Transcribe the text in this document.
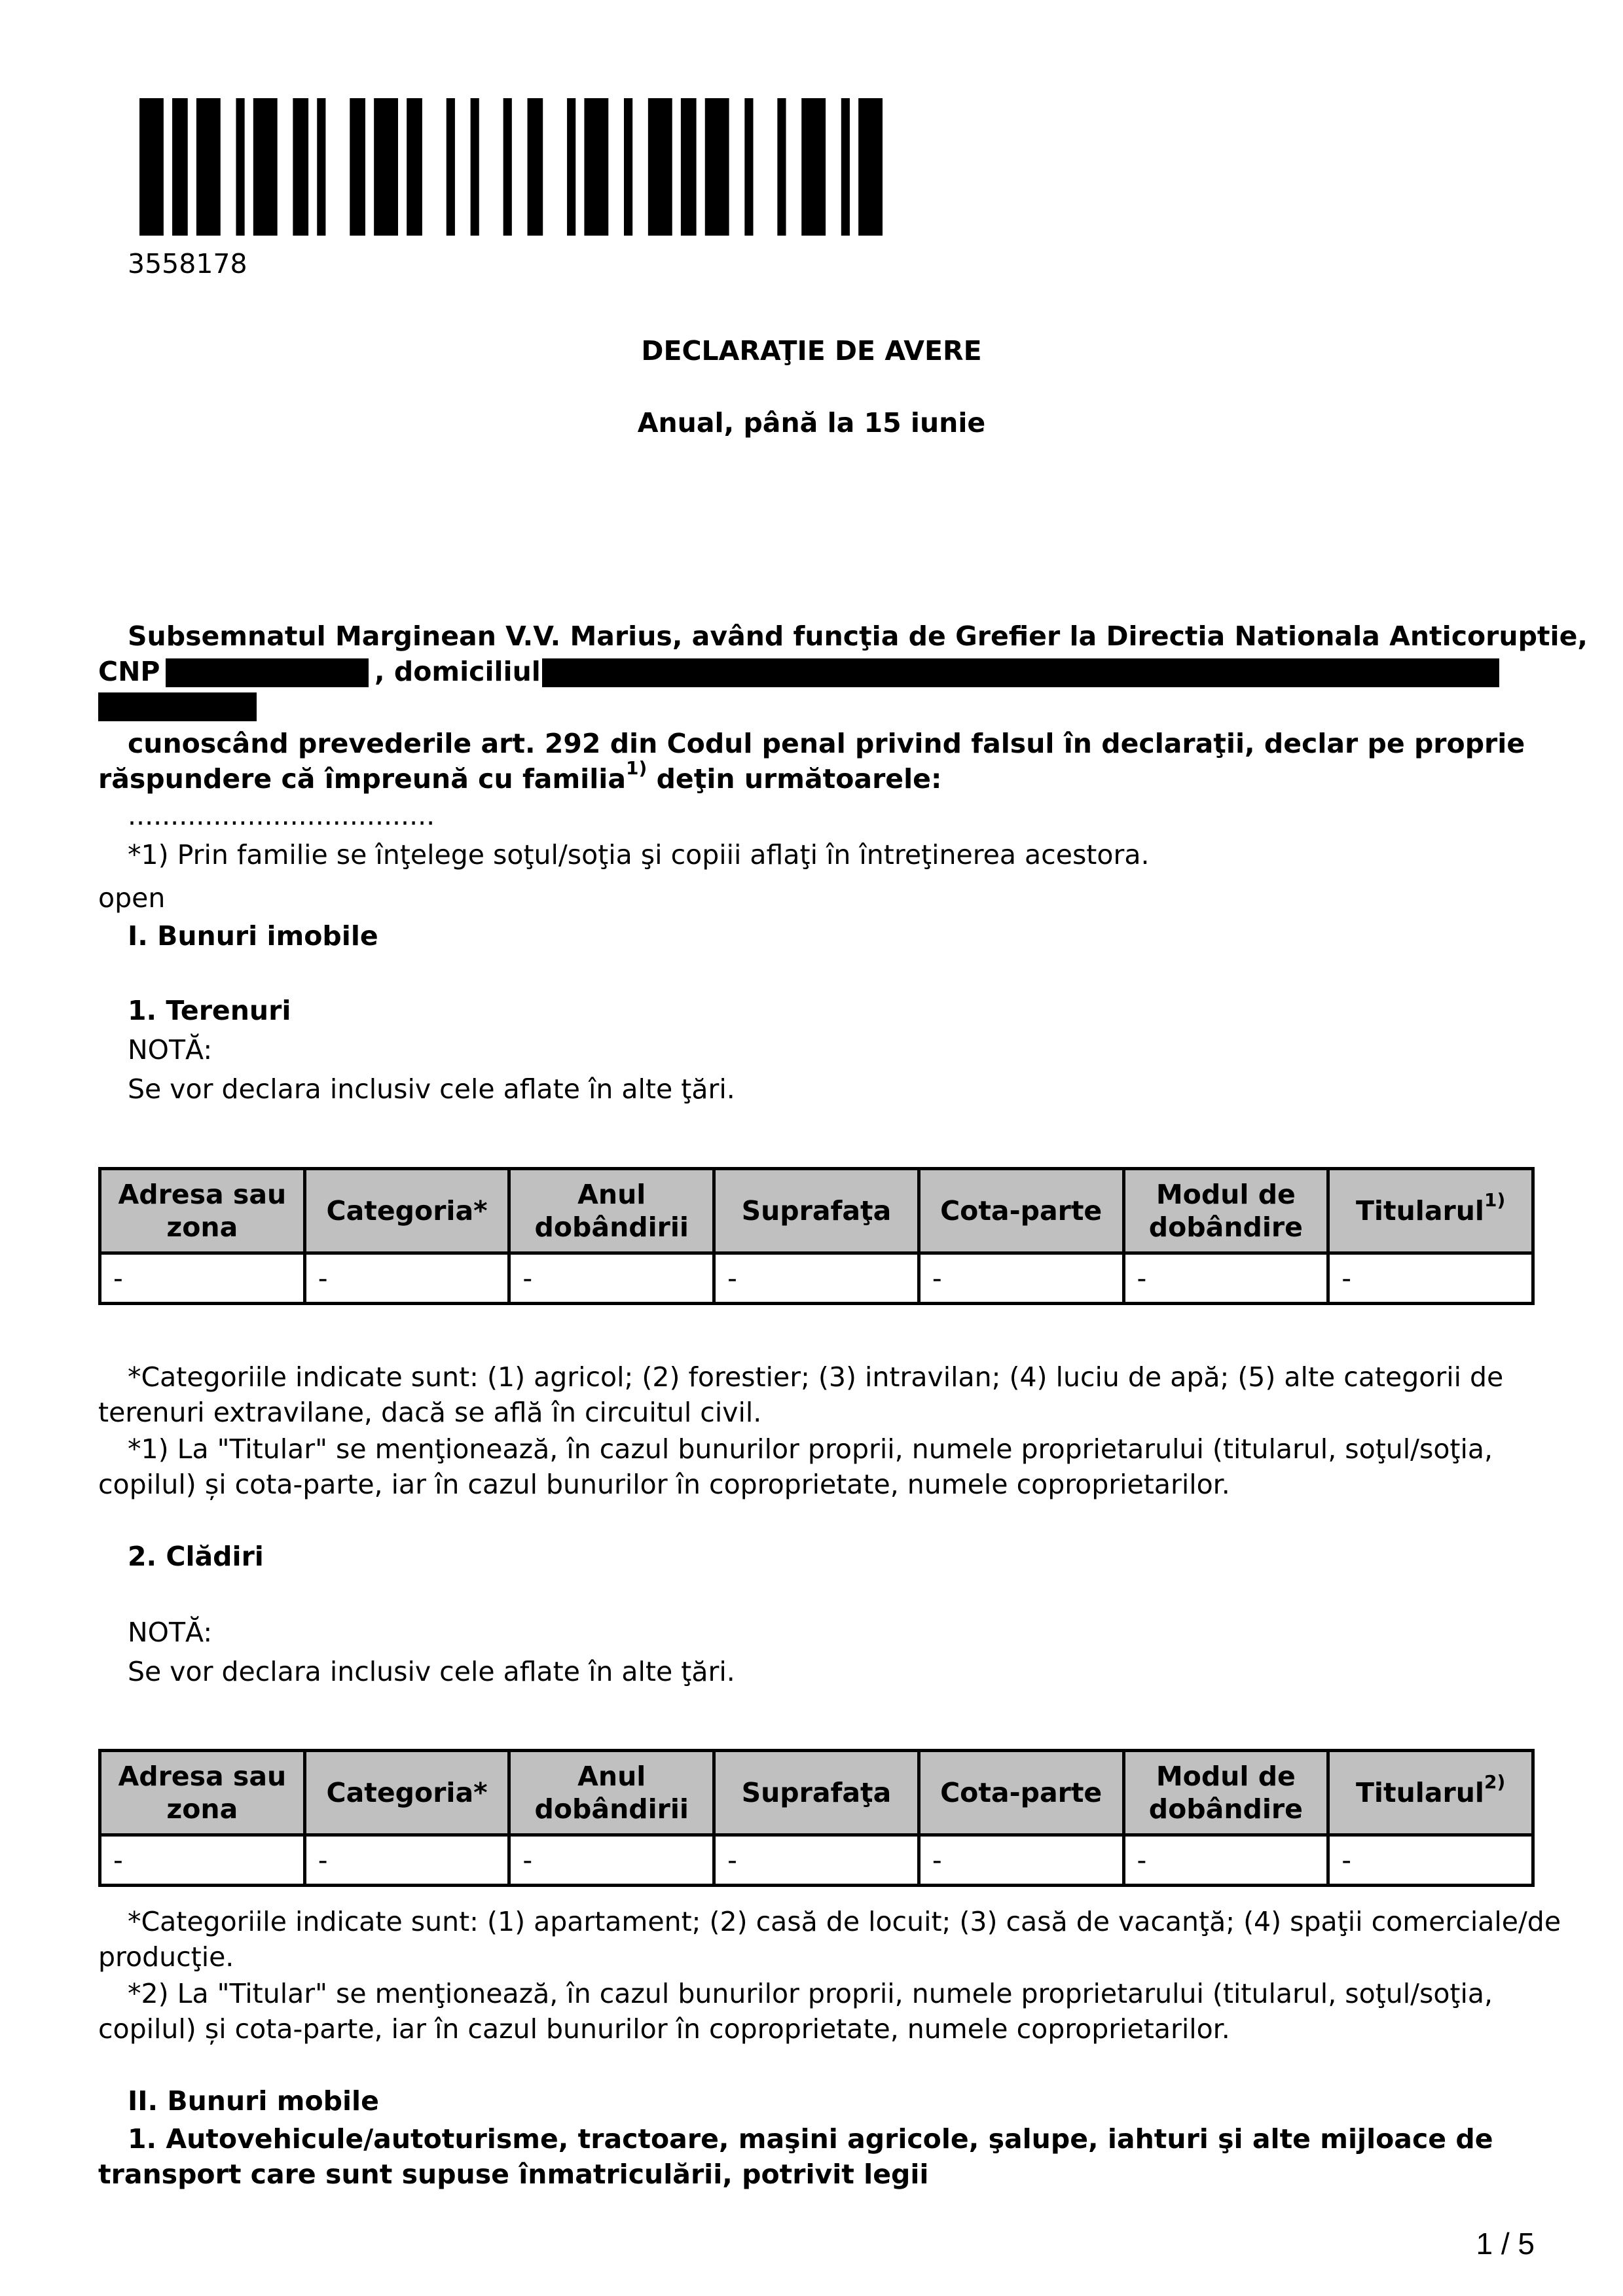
3558178
DECLARAŢIE DE AVERE
Anual, până la 15 iunie
Subsemnatul Marginean V.V. Marius, având funcţia de Grefier la Directia Nationala Anticoruptie,
CNP	, domiciliul
cunoscând prevederile art. 292 din Codul penal privind falsul în declaraţii, declar pe proprie
răspundere că împreună cu familia$^{1)}$ deţin următoarele:
....................................
*1) Prin familie se înţelege soţul/soţia şi copiii aflaţi în întreţinerea acestora.
open
I. Bunuri imobile
1. Terenuri
NOTĂ:
Se vor declara inclusiv cele aflate în alte ţări.
Adresa sau zona	Categoria*	Anul dobândirii	Suprafaţa	Cota-parte	Modul de dobândire	Titularul$^{1)}$
-	-	-	-	-	-	-
*Categoriile indicate sunt: (1) agricol; (2) forestier; (3) intravilan; (4) luciu de apă; (5) alte categorii de
terenuri extravilane, dacă se află în circuitul civil.
*1) La "Titular" se menţionează, în cazul bunurilor proprii, numele proprietarului (titularul, soţul/soţia,
copilul) și cota-parte, iar în cazul bunurilor în coproprietate, numele coproprietarilor.
2. Clădiri
NOTĂ:
Se vor declara inclusiv cele aflate în alte ţări.
Adresa sau zona	Categoria*	Anul dobândirii	Suprafaţa	Cota-parte	Modul de dobândire	Titularul$^{2)}$
-	-	-	-	-	-	-
*Categoriile indicate sunt: (1) apartament; (2) casă de locuit; (3) casă de vacanţă; (4) spaţii comerciale/de
producţie.
*2) La "Titular" se menţionează, în cazul bunurilor proprii, numele proprietarului (titularul, soţul/soţia,
copilul) și cota-parte, iar în cazul bunurilor în coproprietate, numele coproprietarilor.
II. Bunuri mobile
1. Autovehicule/autoturisme, tractoare, maşini agricole, şalupe, iahturi şi alte mijloace de
transport care sunt supuse înmatriculării, potrivit legii
1 / 5
